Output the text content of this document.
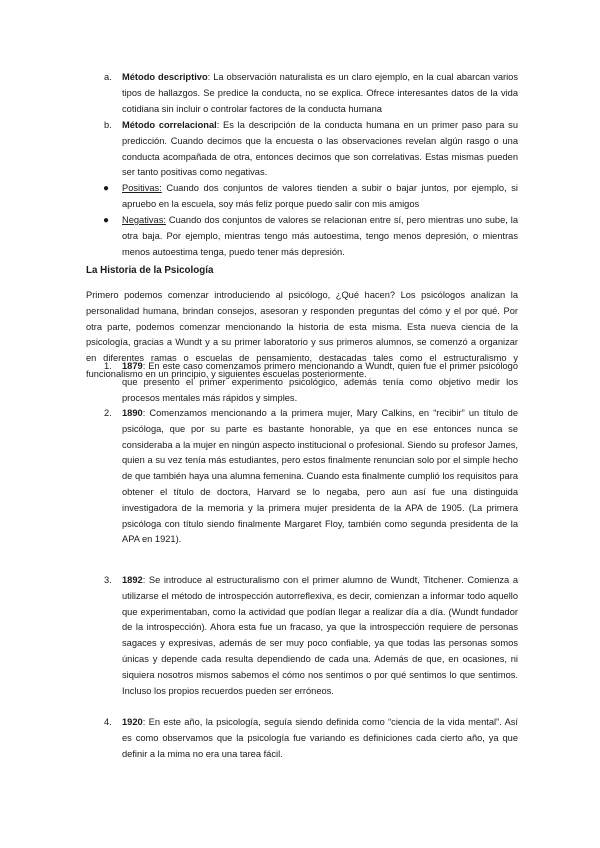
a. Método descriptivo: La observación naturalista es un claro ejemplo, en la cual abarcan varios tipos de hallazgos. Se predice la conducta, no se explica. Ofrece interesantes datos de la vida cotidiana sin incluir o controlar factores de la conducta humana

b. Método correlacional: Es la descripción de la conducta humana en un primer paso para su predicción. Cuando decimos que la encuesta o las observaciones revelan algún rasgo o una conducta acompañada de otra, entonces decimos que son correlativas. Estas mismas pueden ser tanto positivas como negativas.

● Positivas: Cuando dos conjuntos de valores tienden a subir o bajar juntos, por ejemplo, si apruebo en la escuela, soy más feliz porque puedo salir con mis amigos

● Negativas: Cuando dos conjuntos de valores se relacionan entre sí, pero mientras uno sube, la otra baja. Por ejemplo, mientras tengo más autoestima, tengo menos depresión, o mientras menos autoestima tenga, puedo tener más depresión.

La Historia de la Psicología

Primero podemos comenzar introduciendo al psicólogo, ¿Qué hacen? Los psicólogos analizan la personalidad humana, brindan consejos, asesoran y responden preguntas del cómo y el por qué. Por otra parte, podemos comenzar mencionando la historia de esta misma. Esta nueva ciencia de la psicología, gracias a Wundt y a su primer laboratorio y sus primeros alumnos, se comenzó a organizar en diferentes ramas o escuelas de pensamiento, destacadas tales como el estructuralismo y funcionalismo en un principio, y siguientes escuelas posteriormente.

1. 1879: En este caso comenzamos primero mencionando a Wundt, quien fue el primer psicólogo que presento el primer experimento psicológico, además tenía como objetivo medir los procesos mentales más rápidos y simples.

2. 1890: Comenzamos mencionando a la primera mujer, Mary Calkins, en “recibir” un título de psicóloga, que por su parte es bastante honorable, ya que en ese entonces nunca se consideraba a la mujer en ningún aspecto institucional o profesional. Siendo su profesor James, quien a su vez tenía más estudiantes, pero estos finalmente renuncian solo por el simple hecho de que también haya una alumna femenina. Cuando esta finalmente cumplió los requisitos para obtener el título de doctora, Harvard se lo negaba, pero aun así fue una distinguida investigadora de la memoria y la primera mujer presidenta de la APA de 1905. (La primera psicóloga con título siendo finalmente Margaret Floy, también como segunda presidenta de la APA en 1921).

3. 1892: Se introduce al estructuralismo con el primer alumno de Wundt, Titchener. Comienza a utilizarse el método de introspección autorreflexiva, es decir, comienzan a informar todo aquello que experimentaban, como la actividad que podían llegar a realizar día a día. (Wundt fundador de la introspección). Ahora esta fue un fracaso, ya que la introspección requiere de personas sagaces y expresivas, además de ser muy poco confiable, ya que todas las personas somos únicas y depende cada resulta dependiendo de cada una. Además de que, en ocasiones, ni siquiera nosotros mismos sabemos el cómo nos sentimos o por qué sentimos lo que sentimos. Incluso los propios recuerdos pueden ser erróneos.

4. 1920: En este año, la psicología, seguía siendo definida como “ciencia de la vida mental”. Así es como observamos que la psicología fue variando es definiciones cada cierto año, ya que definir a la mima no era una tarea fácil.
